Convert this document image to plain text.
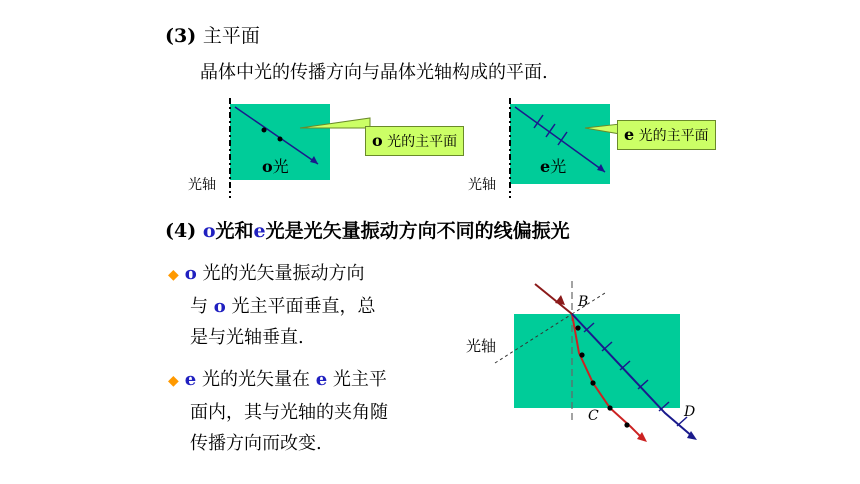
(3) 主平面
晶体中光的传播方向与晶体光轴构成的平面.
光轴
o光
o 光的主平面
光轴
e光
e 光的主平面
(4) o光和e光是光矢量振动方向不同的线偏振光
◆ o 光的光矢量振动方向
与 o 光主平面垂直，总
是与光轴垂直.
◆ e 光的光矢量在 e 光主平
面内，其与光轴的夹角随
传播方向而改变.
光轴
B
C	D
